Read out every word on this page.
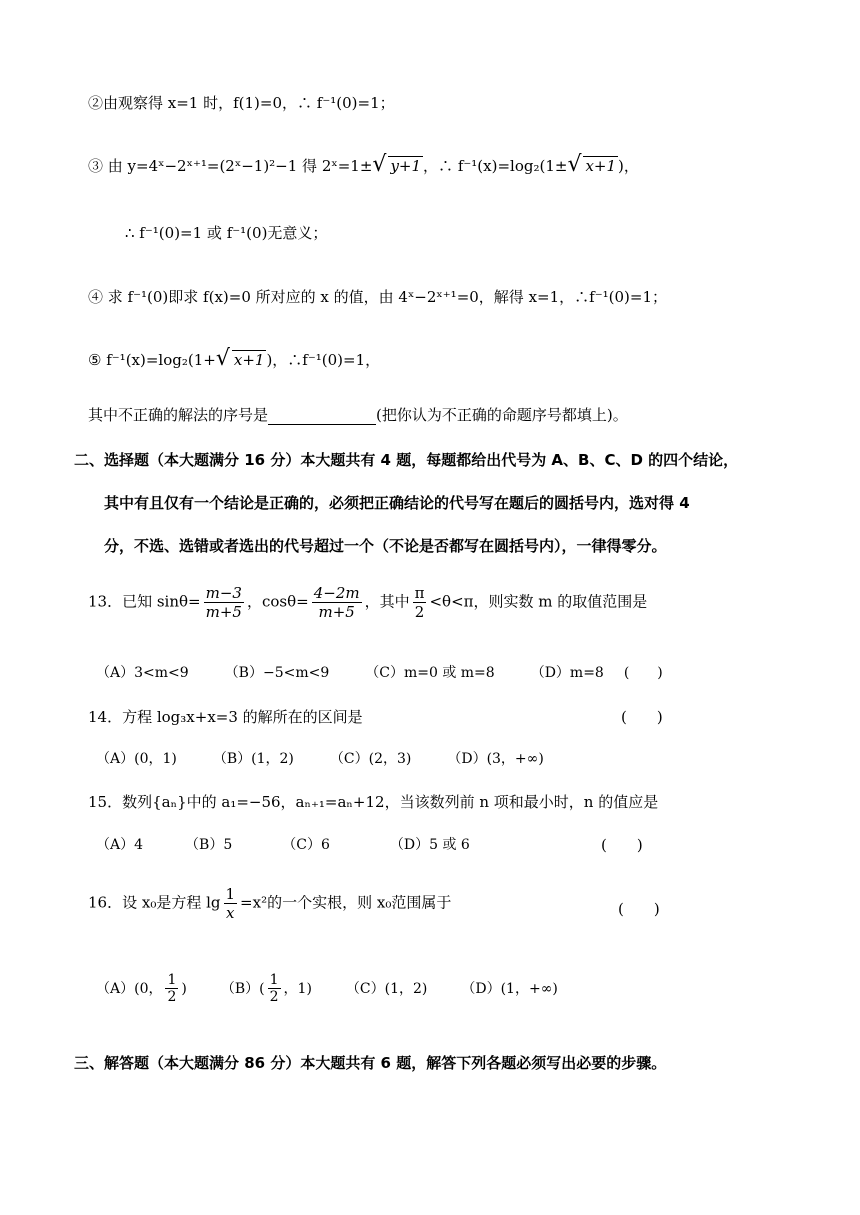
②由观察得 x=1 时，f(1)=0，∴ f⁻¹(0)=1；
③ 由 y=4ˣ−2ˣ⁺¹=(2ˣ−1)²−1 得 2ˣ=1±√ y+1 ，∴ f⁻¹(x)=log₂(1±√ x+1 )，
∴ f⁻¹(0)=1 或 f⁻¹(0)无意义；
④ 求 f⁻¹(0)即求 f(x)=0 所对应的 x 的值，由 4ˣ−2ˣ⁺¹=0，解得 x=1，∴f⁻¹(0)=1；
⑤ f⁻¹(x)=log₂(1+√ x+1 )，∴f⁻¹(0)=1，
其中不正确的解法的序号是	(把你认为不正确的命题序号都填上)。
二、选择题（本大题满分 16 分）本大题共有 4 题，每题都给出代号为 A、B、C、D 的四个结论，
其中有且仅有一个结论是正确的，必须把正确结论的代号写在题后的圆括号内，选对得 4
分，不选、选错或者选出的代号超过一个（不论是否都写在圆括号内），一律得零分。
13．已知 $\sin\theta= \frac{m-3}{m+5}$ ，$\cos\theta= \frac{4-2m}{m+5}$ ，其中 $\frac{\pi}{2} <\theta<\pi$，则实数 m 的取值范围是
（A）3<m<9	（B）−5<m<9	（C）m=0 或 m=8	（D）m=8 (　　)
14．方程 log₃x+x=3 的解所在的区间是	(　　)
（A）(0，1)	（B）(1，2)	（C）(2，3)	（D）(3，+∞)
15．数列{aₙ}中的 a₁=−56，aₙ₊₁=aₙ+12，当该数列前 n 项和最小时，n 的值应是
（A）4	（B）5	（C）6	（D）5 或 6	(　　)
16．设 x₀是方程 $\lg \frac{1}{x} =x^2$的一个实根，则 x₀范围属于	(　　)
（A）(0， $\frac{1}{2}$ ) $(B)( \frac{1}{2}$ ，1) （C）(1，2) （D）(1，+∞)
三、解答题（本大题满分 86 分）本大题共有 6 题，解答下列各题必须写出必要的步骤。
